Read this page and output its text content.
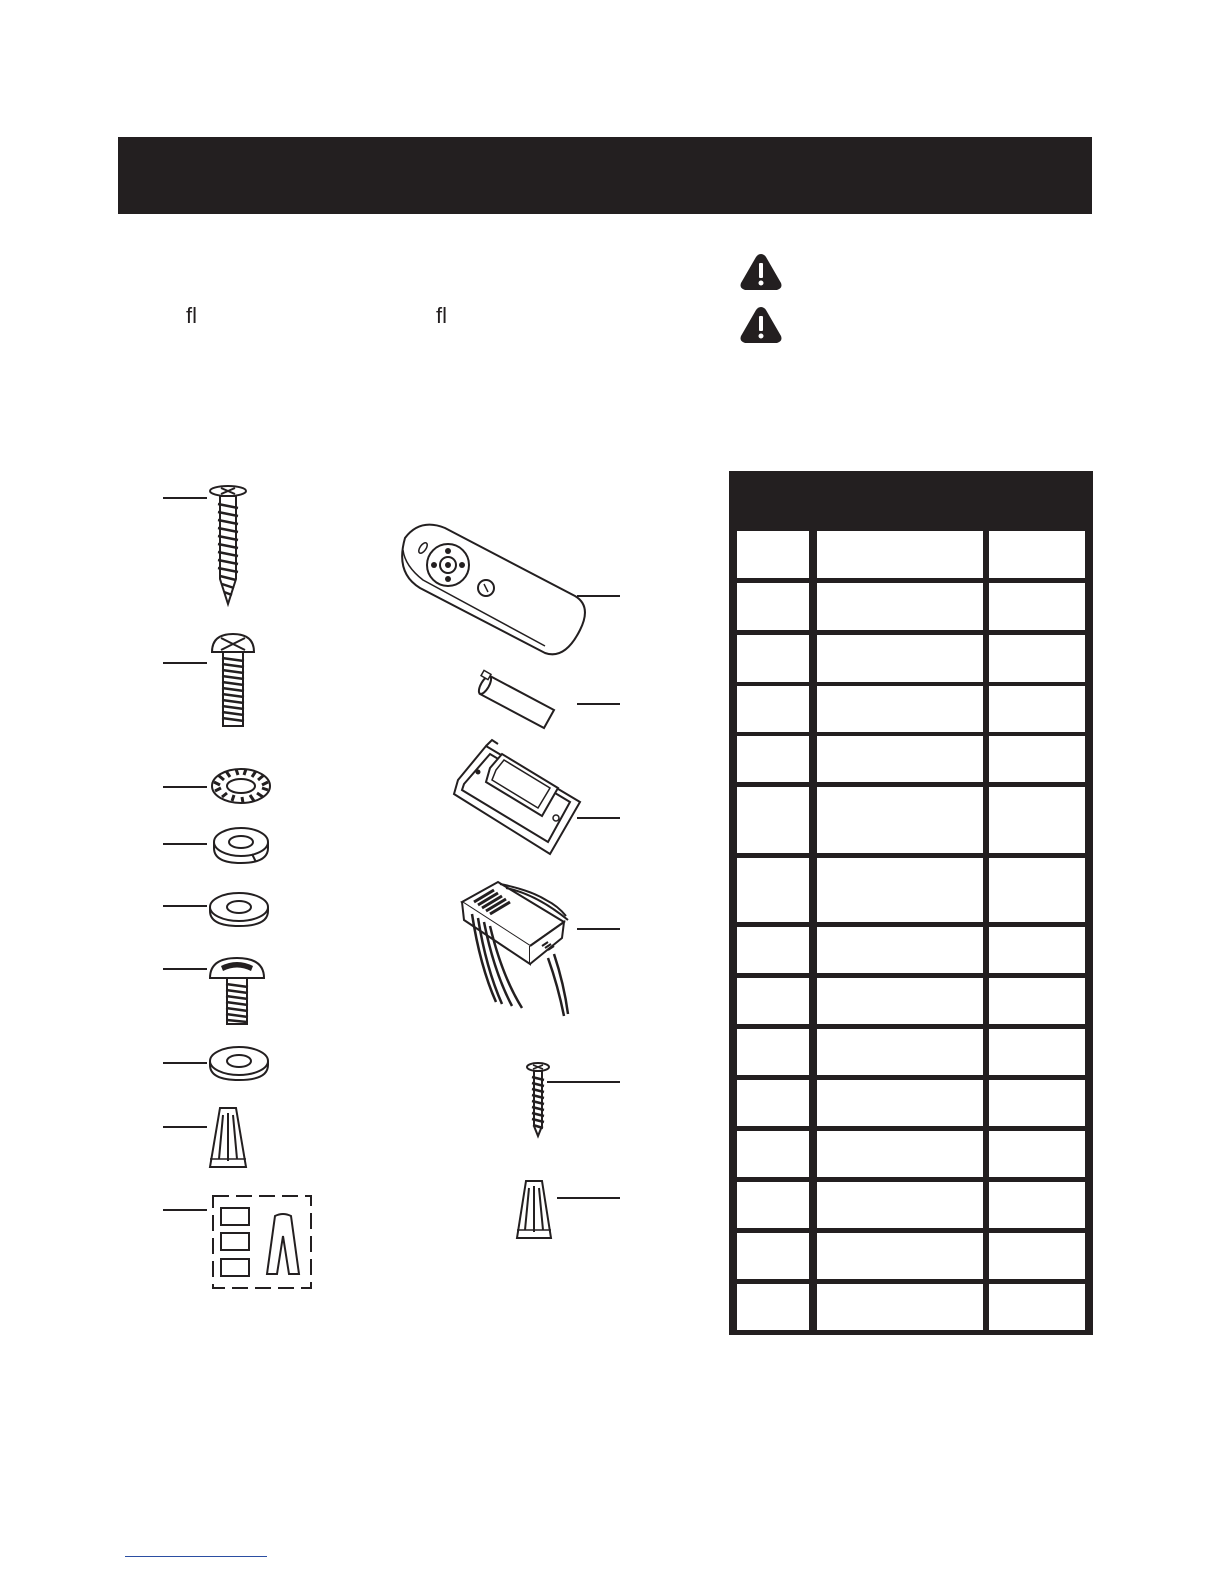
ﬂ	ﬂ
